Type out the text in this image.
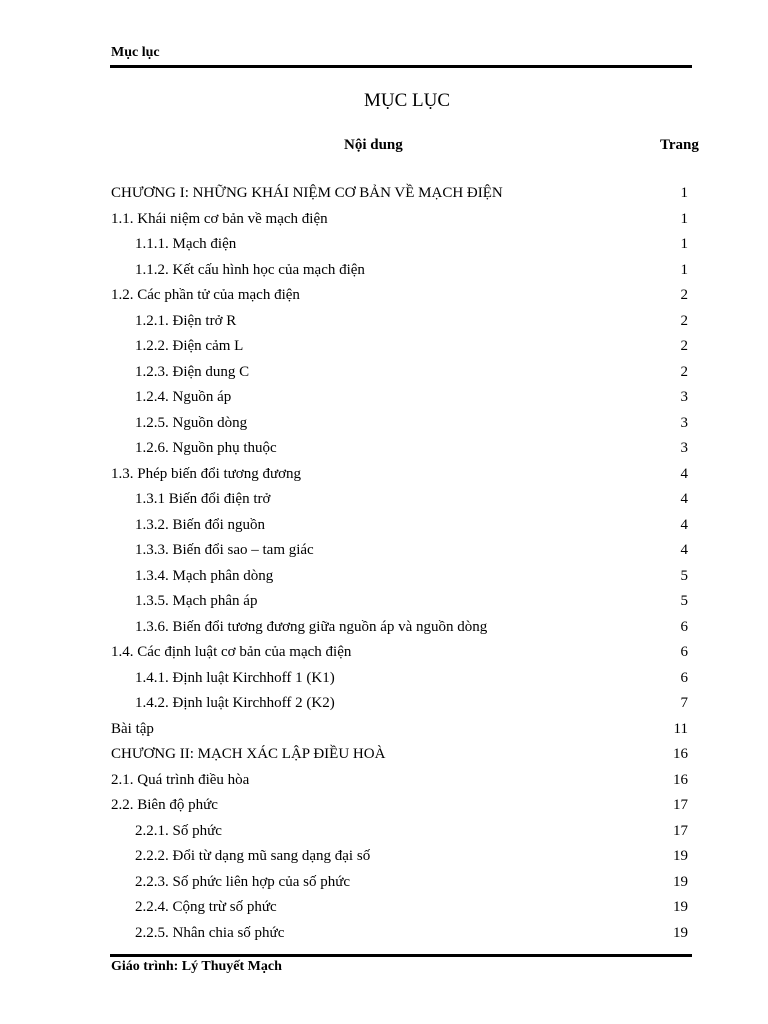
Mục lục
MỤC LỤC
Nội dung	Trang
CHƯƠNG I: NHỮNG KHÁI NIỆM CƠ BẢN VỀ MẠCH ĐIỆN	1
1.1. Khái niệm cơ bản về mạch điện	1
1.1.1. Mạch điện	1
1.1.2. Kết cấu hình học của mạch điện	1
1.2. Các phần tử của mạch điện	2
1.2.1. Điện trở R	2
1.2.2. Điện cảm L	2
1.2.3. Điện dung C	2
1.2.4. Nguồn áp	3
1.2.5. Nguồn dòng	3
1.2.6. Nguồn phụ thuộc	3
1.3. Phép biến đổi tương đương	4
1.3.1 Biến đổi điện trở	4
1.3.2. Biến đổi nguồn	4
1.3.3. Biến đổi sao – tam giác	4
1.3.4. Mạch phân dòng	5
1.3.5. Mạch phân áp	5
1.3.6. Biến đổi tương đương giữa nguồn áp và nguồn dòng	6
1.4. Các định luật cơ bản của mạch điện	6
1.4.1. Định luật Kirchhoff 1 (K1)	6
1.4.2. Định luật Kirchhoff 2 (K2)	7
Bài tập	11
CHƯƠNG II: MẠCH XÁC LẬP ĐIỀU HOÀ	16
2.1. Quá trình điều hòa	16
2.2. Biên độ phức	17
2.2.1. Số phức	17
2.2.2. Đổi từ dạng mũ sang dạng đại số	19
2.2.3. Số phức liên hợp của số phức	19
2.2.4. Cộng trừ số phức	19
2.2.5. Nhân chia số phức	19
Giáo trình: Lý Thuyết Mạch
